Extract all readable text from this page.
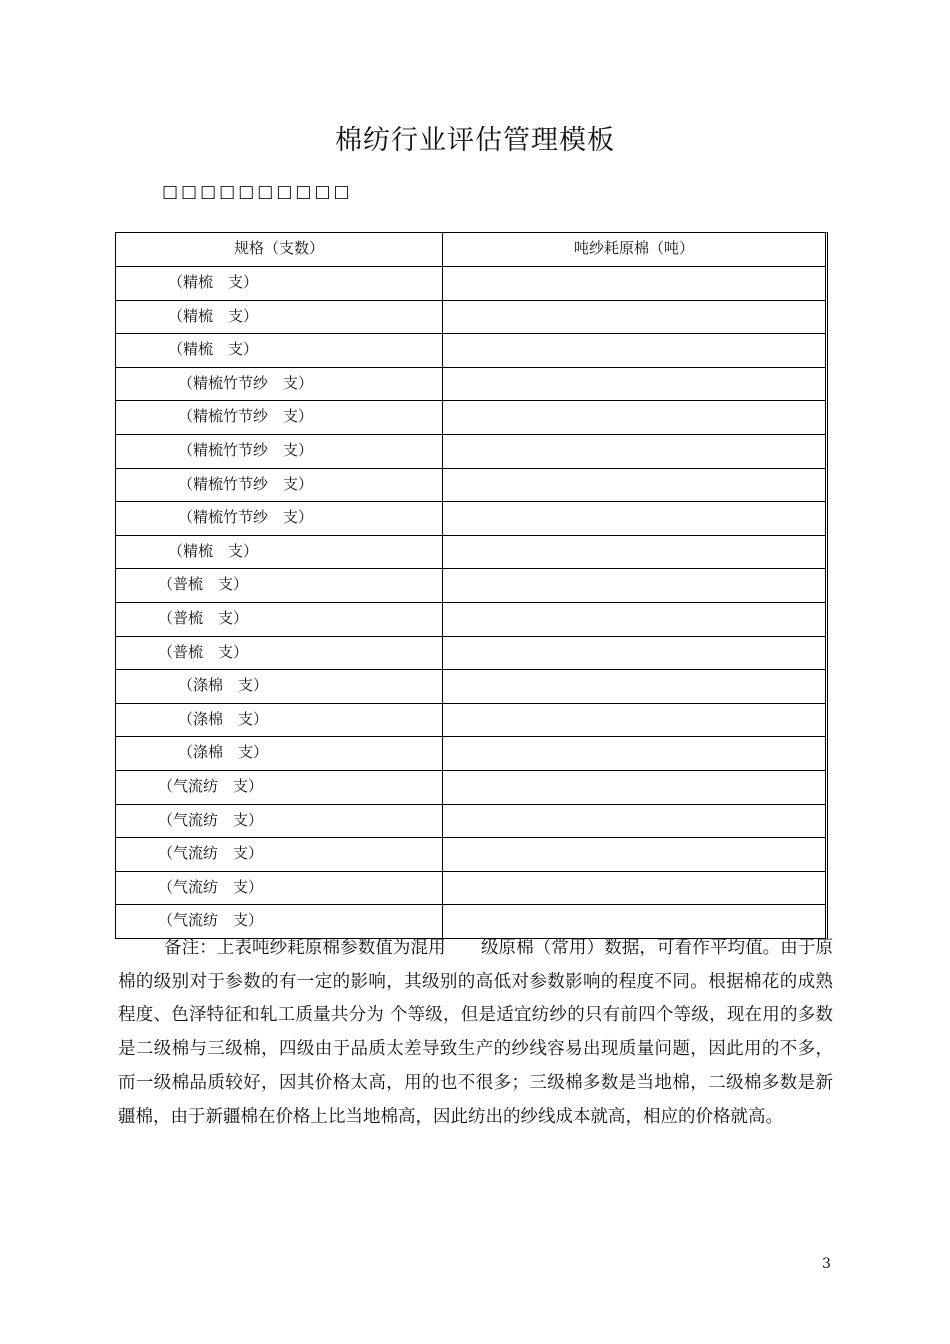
棉纺行业评估管理模板
□□□□□□□□□□
规格（支数）	吨纱耗原棉（吨）
（精梳　支）
（精梳　支）
（精梳　支）
（精梳竹节纱　支）
（精梳竹节纱　支）
（精梳竹节纱　支）
（精梳竹节纱　支）
（精梳竹节纱　支）
（精梳　支）
（普梳　支）
（普梳　支）
（普梳　支）
（涤棉　支）
（涤棉　支）
（涤棉　支）
（气流纺　支）
（气流纺　支）
（气流纺　支）
（气流纺　支）
（气流纺　支）

备注：上表吨纱耗原棉参数值为混用　　级原棉（常用）数据，可看作平均值。由于原棉的级别对于参数的有一定的影响，其级别的高低对参数影响的程度不同。根据棉花的成熟程度、色泽特征和轧工质量共分为 个等级，但是适宜纺纱的只有前四个等级，现在用的多数是二级棉与三级棉，四级由于品质太差导致生产的纱线容易出现质量问题，因此用的不多，而一级棉品质较好，因其价格太高，用的也不很多；三级棉多数是当地棉，二级棉多数是新疆棉，由于新疆棉在价格上比当地棉高，因此纺出的纱线成本就高，相应的价格就高。

3
